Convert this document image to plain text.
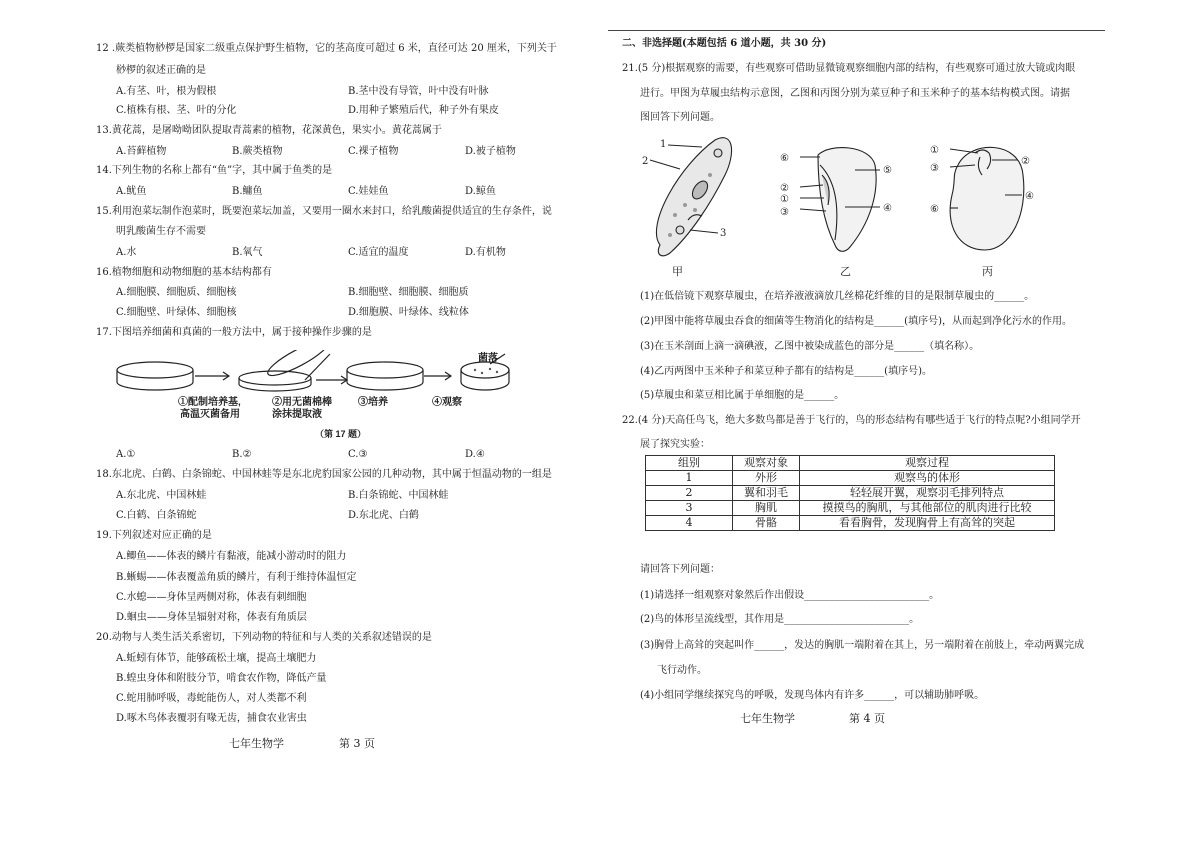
12 .蕨类植物桫椤是国家二级重点保护野生植物，它的茎高度可超过 6 米，直径可达 20 厘米，下列关于
桫椤的叙述正确的是
A.有茎、叶，根为假根	B.茎中没有导管，叶中没有叶脉
C.植株有根、茎、叶的分化	D.用种子繁殖后代，种子外有果皮
13.黄花蒿，是屠呦呦团队提取青蒿素的植物，花深黄色，果实小。黄花蒿属于
A.苔藓植物	B.蕨类植物	C.裸子植物	D.被子植物
14.下列生物的名称上都有“鱼”字，其中属于鱼类的是
A.鱿鱼	B.鳙鱼	C.娃娃鱼	D.鲸鱼
15.利用泡菜坛制作泡菜时，既要泡菜坛加盖，又要用一圈水来封口，给乳酸菌提供适宜的生存条件，说
明乳酸菌生存不需要
A.水	B.氧气	C.适宜的温度	D.有机物
16.植物细胞和动物细胞的基本结构都有
A.细胞膜、细胞质、细胞核	B.细胞壁、细胞膜、细胞质
C.细胞壁、叶绿体、细胞核	D.细胞膜、叶绿体、线粒体
17.下图培养细菌和真菌的一般方法中，属于接种操作步骤的是
菌落
①配制培养基,
高温灭菌备用
②用无菌棉棒
涂抹提取液
③培养	④观察
（第 17 题）
A.①	B.②	C.③	D.④
18.东北虎、白鹤、白条锦蛇、中国林蛙等是东北虎豹国家公园的几种动物，其中属于恒温动物的一组是
A.东北虎、中国林蛙	B.白条锦蛇、中国林蛙
C.白鹤、白条锦蛇	D.东北虎、白鹤
19.下列叙述对应正确的是
A.鲫鱼——体表的鳞片有黏液，能减小游动时的阻力
B.蜥蜴——体表覆盖角质的鳞片，有利于维持体温恒定
C.水螅——身体呈两侧对称，体表有刺细胞
D.蛔虫——身体呈辐射对称，体表有角质层
20.动物与人类生活关系密切，下列动物的特征和与人类的关系叙述错误的是
A.蚯蚓有体节，能够疏松土壤，提高土壤肥力
B.蝗虫身体和附肢分节，啃食农作物，降低产量
C.蛇用肺呼吸，毒蛇能伤人，对人类都不利
D.啄木鸟体表覆羽有喙无齿，捕食农业害虫
七年生物学	第 3 页
二、非选择题(本题包括 6 道小题，共 30 分)
21.(5 分)根据观察的需要，有些观察可借助显微镜观察细胞内部的结构，有些观察可通过放大镜或肉眼
进行。甲图为草履虫结构示意图，乙图和丙图分别为菜豆种子和玉米种子的基本结构模式图。请据
图回答下列问题。
1
2
3
甲
⑥
②
①
③
⑤
④
乙
①
③
⑥
②
④
丙
(1)在低倍镜下观察草履虫，在培养液液滴放几丝棉花纤维的目的是限制草履虫的______。
(2)甲图中能将草履虫吞食的细菌等生物消化的结构是______(填序号)，从而起到净化污水的作用。
(3)在玉米剖面上滴一滴碘液，乙图中被染成蓝色的部分是______（填名称）。
(4)乙丙两图中玉米种子和菜豆种子都有的结构是______(填序号)。
(5)草履虫和菜豆相比属于单细胞的是______。
22.(4 分)天高任鸟飞，绝大多数鸟都是善于飞行的，鸟的形态结构有哪些适于飞行的特点呢?小组同学开
展了探究实验：
组别	观察对象	观察过程
1	外形	观察鸟的体形
2	翼和羽毛	轻轻展开翼，观察羽毛排列特点
3	胸肌	摸摸鸟的胸肌，与其他部位的肌肉进行比较
4	骨骼	看看胸骨，发现胸骨上有高耸的突起
请回答下列问题：
(1)请选择一组观察对象然后作出假设_________________________。
(2)鸟的体形呈流线型，其作用是_________________________。
(3)胸骨上高耸的突起叫作______，发达的胸肌一端附着在其上，另一端附着在前肢上，牵动两翼完成
飞行动作。
(4)小组同学继续探究鸟的呼吸，发现鸟体内有许多______，可以辅助肺呼吸。
七年生物学	第 4 页
